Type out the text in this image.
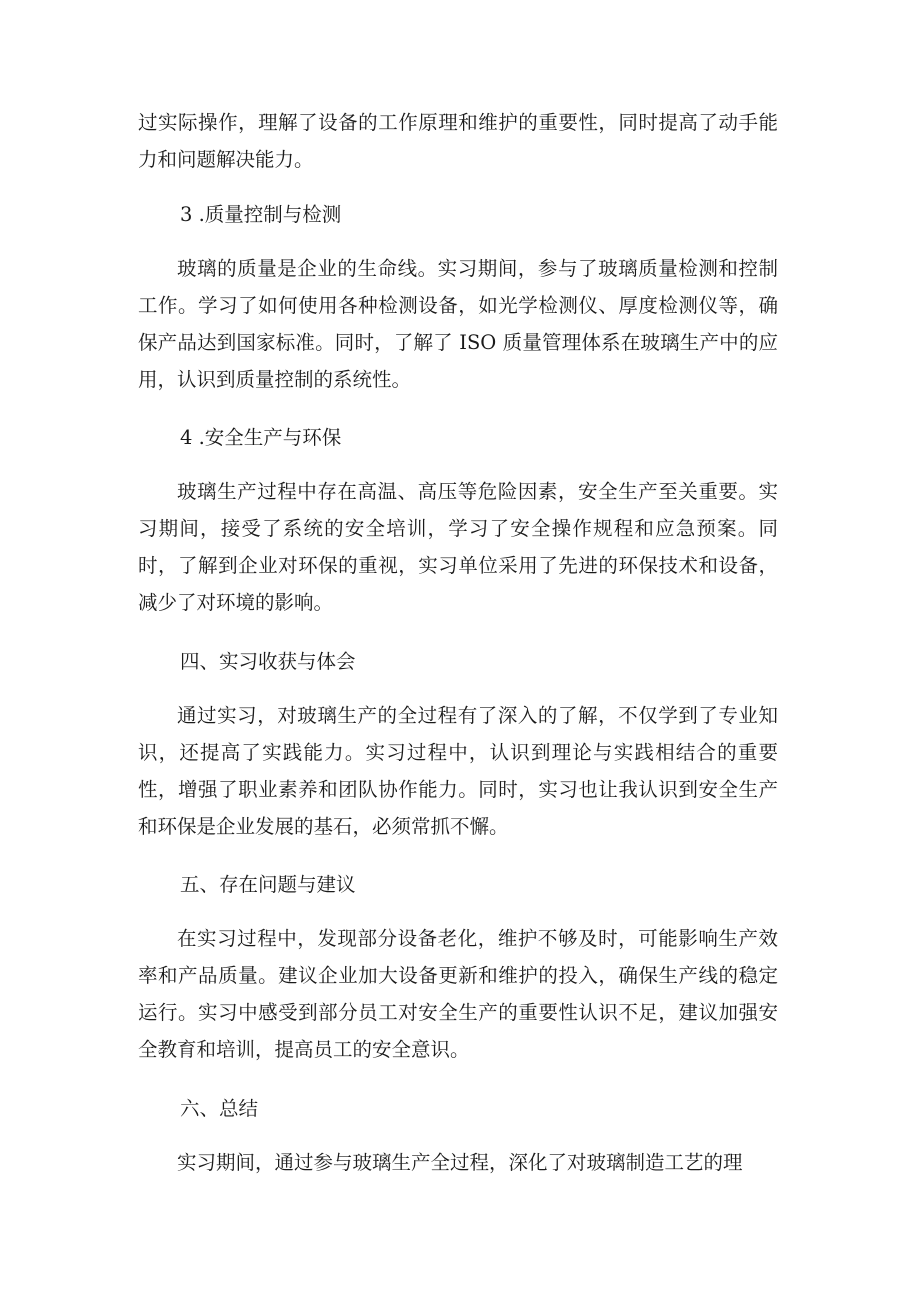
过实际操作，理解了设备的工作原理和维护的重要性，同时提高了动手能力和问题解决能力。

3 .质量控制与检测

玻璃的质量是企业的生命线。实习期间，参与了玻璃质量检测和控制工作。学习了如何使用各种检测设备，如光学检测仪、厚度检测仪等，确保产品达到国家标准。同时，了解了 ISO 质量管理体系在玻璃生产中的应用，认识到质量控制的系统性。

4 .安全生产与环保

玻璃生产过程中存在高温、高压等危险因素，安全生产至关重要。实习期间，接受了系统的安全培训，学习了安全操作规程和应急预案。同时，了解到企业对环保的重视，实习单位采用了先进的环保技术和设备，减少了对环境的影响。

四、实习收获与体会

通过实习，对玻璃生产的全过程有了深入的了解，不仅学到了专业知识，还提高了实践能力。实习过程中，认识到理论与实践相结合的重要性，增强了职业素养和团队协作能力。同时，实习也让我认识到安全生产和环保是企业发展的基石，必须常抓不懈。

五、存在问题与建议

在实习过程中，发现部分设备老化，维护不够及时，可能影响生产效率和产品质量。建议企业加大设备更新和维护的投入，确保生产线的稳定运行。实习中感受到部分员工对安全生产的重要性认识不足，建议加强安全教育和培训，提高员工的安全意识。

六、总结

实习期间，通过参与玻璃生产全过程，深化了对玻璃制造工艺的理
